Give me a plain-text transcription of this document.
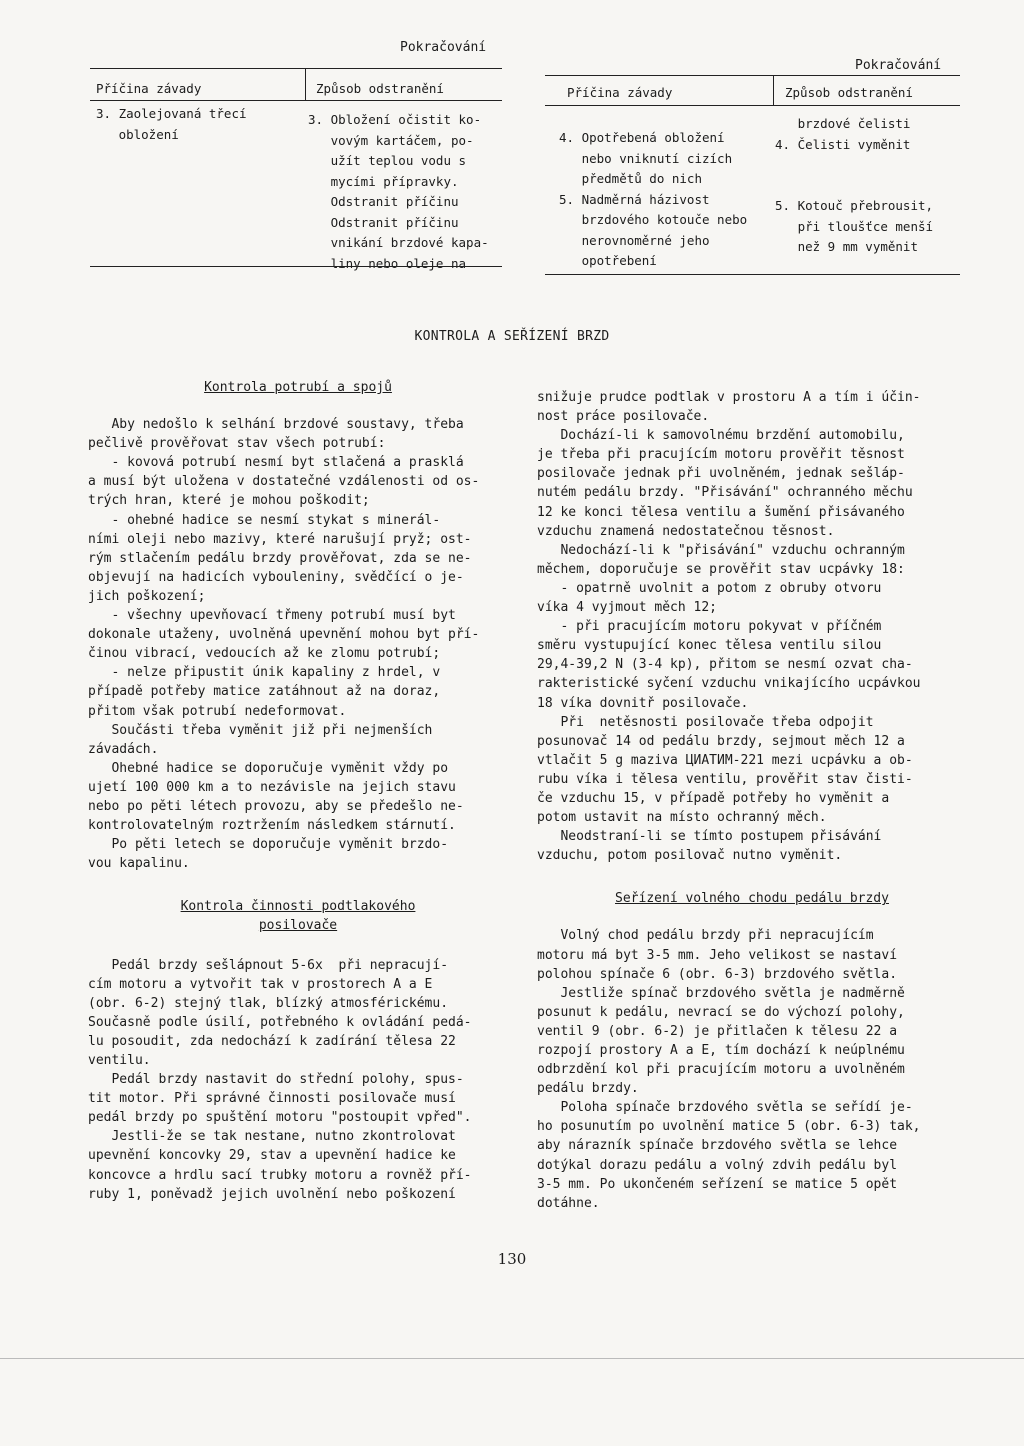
Pokračování
Příčina závady	Způsob odstranění
3. Zaolejovaná třecí
obložení
3. Obložení očistit ko-
vovým kartáčem, po-
užít teplou vodu s
mycími přípravky.
Odstranit příčinu
Odstranit příčinu
vnikání brzdové kapa-
liny nebo oleje na
Pokračování
Příčina závady	Způsob odstranění
4. Opotřebená obložení
nebo vniknutí cizích
předmětů do nich
5. Nadměrná házivost
brzdového kotouče nebo
nerovnoměrné jeho
opotřebení
brzdové čelisti
4. Čelisti vyměnit

5. Kotouč přebrousit,
při tloušťce menší
než 9 mm vyměnit
KONTROLA A SEŘÍZENÍ BRZD

Kontrola potrubí a spojů

Aby nedošlo k selhání brzdové soustavy, třeba

pečlivě prověřovat stav všech potrubí:

- kovová potrubí nesmí byt stlačená a prasklá

a musí být uložena v dostatečné vzdálenosti od os-

trých hran, které je mohou poškodit;

- ohebné hadice se nesmí stykat s minerál-

ními oleji nebo mazivy, které narušují pryž; ost-

rým stlačením pedálu brzdy prověřovat, zda se ne-

objevují na hadicích vybouleniny, svědčící o je-

jich poškození;

- všechny upevňovací třmeny potrubí musí byt

dokonale utaženy, uvolněná upevnění mohou byt pří-

činou vibrací, vedoucích až ke zlomu potrubí;

- nelze připustit únik kapaliny z hrdel, v

případě potřeby matice zatáhnout až na doraz,

přitom však potrubí nedeformovat.

Součásti třeba vyměnit již při nejmenších

závadách.

Ohebné hadice se doporučuje vyměnit vždy po

ujetí 100 000 km a to nezávisle na jejich stavu

nebo po pěti létech provozu, aby se předešlo ne-

kontrolovatelným roztržením následkem stárnutí.

Po pěti letech se doporučuje vyměnit brzdo-

vou kapalinu.

Kontrola činnosti podtlakového

posilovače

Pedál brzdy sešlápnout 5-6x  při nepracují-

cím motoru a vytvořit tak v prostorech A a E

(obr. 6-2) stejný tlak, blízký atmosférickému.

Současně podle úsilí, potřebného k ovládání pedá-

lu posoudit, zda nedochází k zadírání tělesa 22

ventilu.

Pedál brzdy nastavit do střední polohy, spus-

tit motor. Při správné činnosti posilovače musí

pedál brzdy po spuštění motoru "postoupit vpřed".

Jestli-že se tak nestane, nutno zkontrolovat

upevnění koncovky 29, stav a upevnění hadice ke

koncovce a hrdlu sací trubky motoru a rovněž pří-

ruby 1, poněvadž jejich uvolnění nebo poškození

snižuje prudce podtlak v prostoru A a tím i účin-

nost práce posilovače.

Dochází-li k samovolnému brzdění automobilu,

je třeba při pracujícím motoru prověřit těsnost

posilovače jednak při uvolněném, jednak sešláp-

nutém pedálu brzdy. "Přisávání" ochranného měchu

12 ke konci tělesa ventilu a šumění přisávaného

vzduchu znamená nedostatečnou těsnost.

Nedochází-li k "přisávání" vzduchu ochranným

měchem, doporučuje se prověřit stav ucpávky 18:

- opatrně uvolnit a potom z obruby otvoru

víka 4 vyjmout měch 12;

- při pracujícím motoru pokyvat v příčném

směru vystupující konec tělesa ventilu silou

29,4-39,2 N (3-4 kp), přitom se nesmí ozvat cha-

rakteristické syčení vzduchu vnikajícího ucpávkou

18 víka dovnitř posilovače.

Při  netěsnosti posilovače třeba odpojit

posunovač 14 od pedálu brzdy, sejmout měch 12 a

vtlačit 5 g maziva ЦИАТИМ-221 mezi ucpávku a ob-

rubu víka i tělesa ventilu, prověřit stav čisti-

če vzduchu 15, v případě potřeby ho vyměnit a

potom ustavit na místo ochranný měch.

Neodstraní-li se tímto postupem přisávání

vzduchu, potom posilovač nutno vyměnit.

Seřízení volného chodu pedálu brzdy

Volný chod pedálu brzdy při nepracujícím

motoru má byt 3-5 mm. Jeho velikost se nastaví

polohou spínače 6 (obr. 6-3) brzdového světla.

Jestliže spínač brzdového světla je nadměrně

posunut k pedálu, nevrací se do výchozí polohy,

ventil 9 (obr. 6-2) je přitlačen k tělesu 22 a

rozpojí prostory A a E, tím dochází k neúplnému

odbrzdění kol při pracujícím motoru a uvolněném

pedálu brzdy.

Poloha spínače brzdového světla se seřídí je-

ho posunutím po uvolnění matice 5 (obr. 6-3) tak,

aby nárazník spínače brzdového světla se lehce

dotýkal dorazu pedálu a volný zdvih pedálu byl

3-5 mm. Po ukončeném seřízení se matice 5 opět

dotáhne.

130
